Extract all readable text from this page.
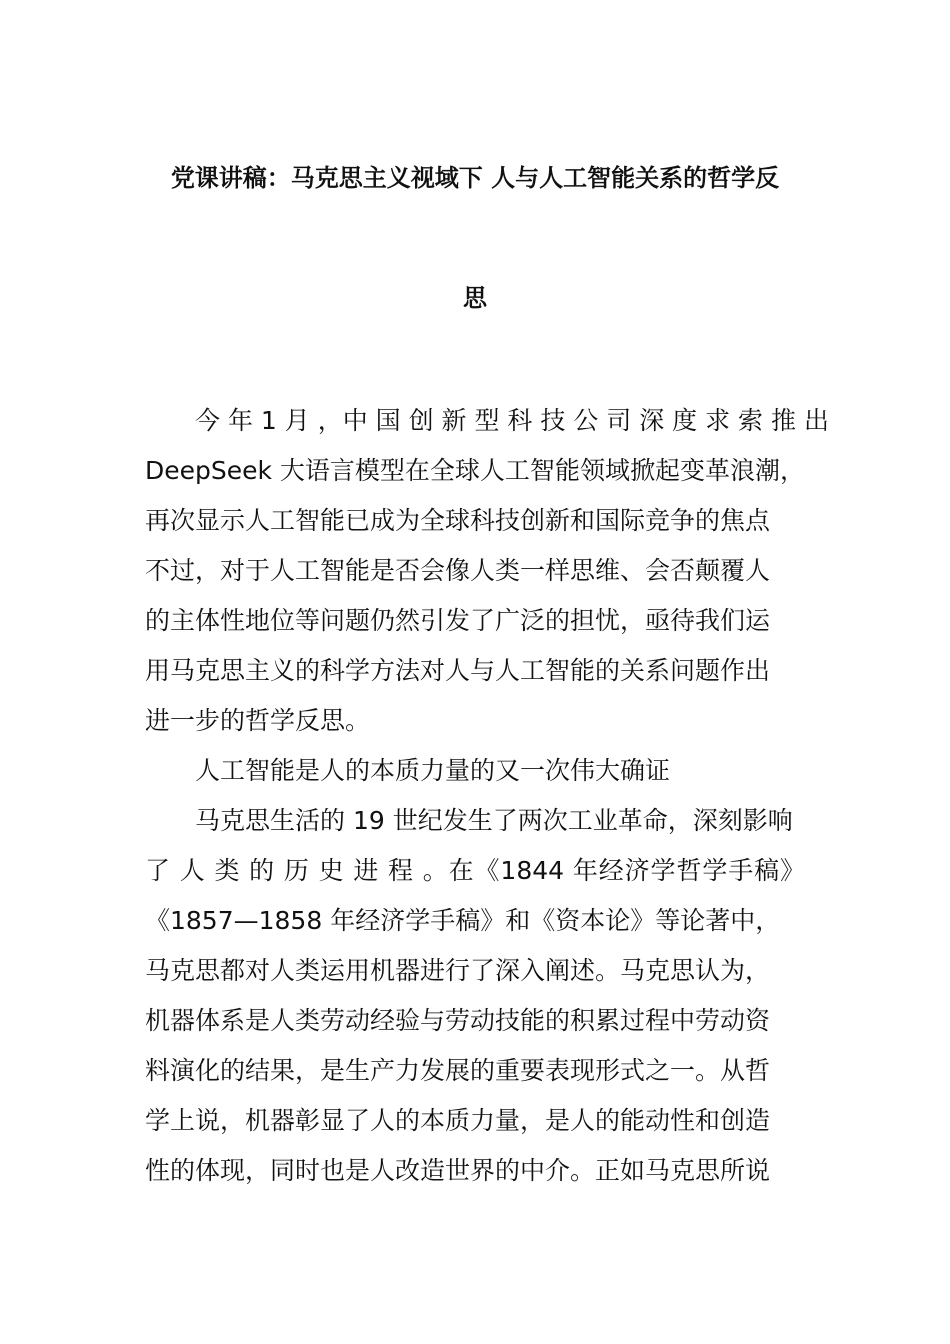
党课讲稿：马克思主义视域下 人与人工智能关系的哲学反
思
今 年 1 月 ，中 国 创 新 型 科 技 公 司 深 度 求 索 推 出
DeepSeek 大语言模型在全球人工智能领域掀起变革浪潮，
再次显示人工智能已成为全球科技创新和国际竞争的焦点
不过，对于人工智能是否会像人类一样思维、会否颠覆人
的主体性地位等问题仍然引发了广泛的担忧，亟待我们运
用马克思主义的科学方法对人与人工智能的关系问题作出
进一步的哲学反思。
人工智能是人的本质力量的又一次伟大确证
马克思生活的 19 世纪发生了两次工业革命，深刻影响
了 人 类 的 历 史 进 程 。在《1844 年经济学哲学手稿》
《1857—1858 年经济学手稿》和《资本论》等论著中，
马克思都对人类运用机器进行了深入阐述。马克思认为，
机器体系是人类劳动经验与劳动技能的积累过程中劳动资
料演化的结果，是生产力发展的重要表现形式之一。从哲
学上说，机器彰显了人的本质力量，是人的能动性和创造
性的体现，同时也是人改造世界的中介。正如马克思所说
